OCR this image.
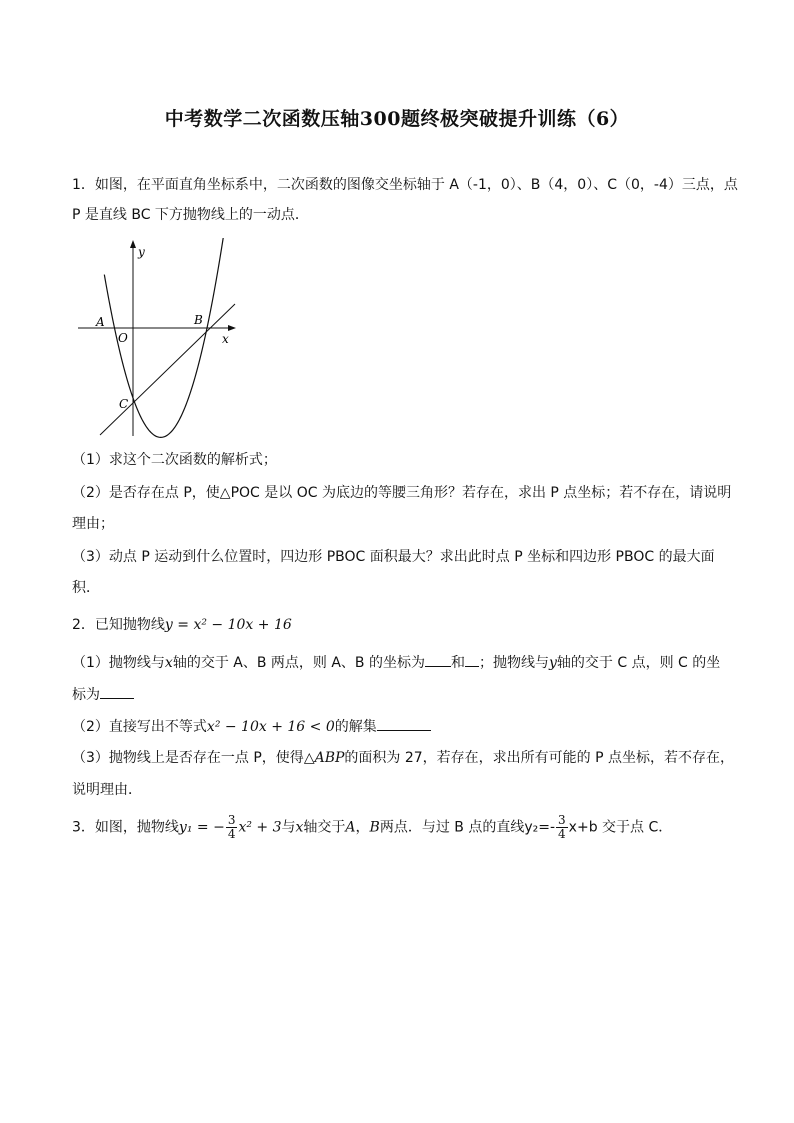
中考数学二次函数压轴300题终极突破提升训练（6）
1．如图，在平面直角坐标系中，二次函数的图像交坐标轴于 A（-1，0）、B（4，0）、C（0，-4）三点，点
P 是直线 BC 下方抛物线上的一动点．
y
x
A
O
B
C
（1）求这个二次函数的解析式；
（2）是否存在点 P，使△POC 是以 OC 为底边的等腰三角形？若存在，求出 P 点坐标；若不存在，请说明
理由；
（3）动点 P 运动到什么位置时，四边形 PBOC 面积最大？求出此时点 P 坐标和四边形 PBOC 的最大面
积．
2．已知抛物线y = x² − 10x + 16
（1）抛物线与x轴的交于 A、B 两点，则 A、B 的坐标为 和 ；抛物线与y轴的交于 C 点，则 C 的坐
标为
（2）直接写出不等式x² − 10x + 16 < 0的解集
（3）抛物线上是否存在一点 P，使得△ABP的面积为 27，若存在，求出所有可能的 P 点坐标，若不存在，
说明理由．
3．如图，抛物线y₁ = − $\frac{3}{4} x^2 + 3$与x轴交于A，B两点．与过 B 点的直线$y_2=- \frac{3}{4} x+b$ 交于点 C．
